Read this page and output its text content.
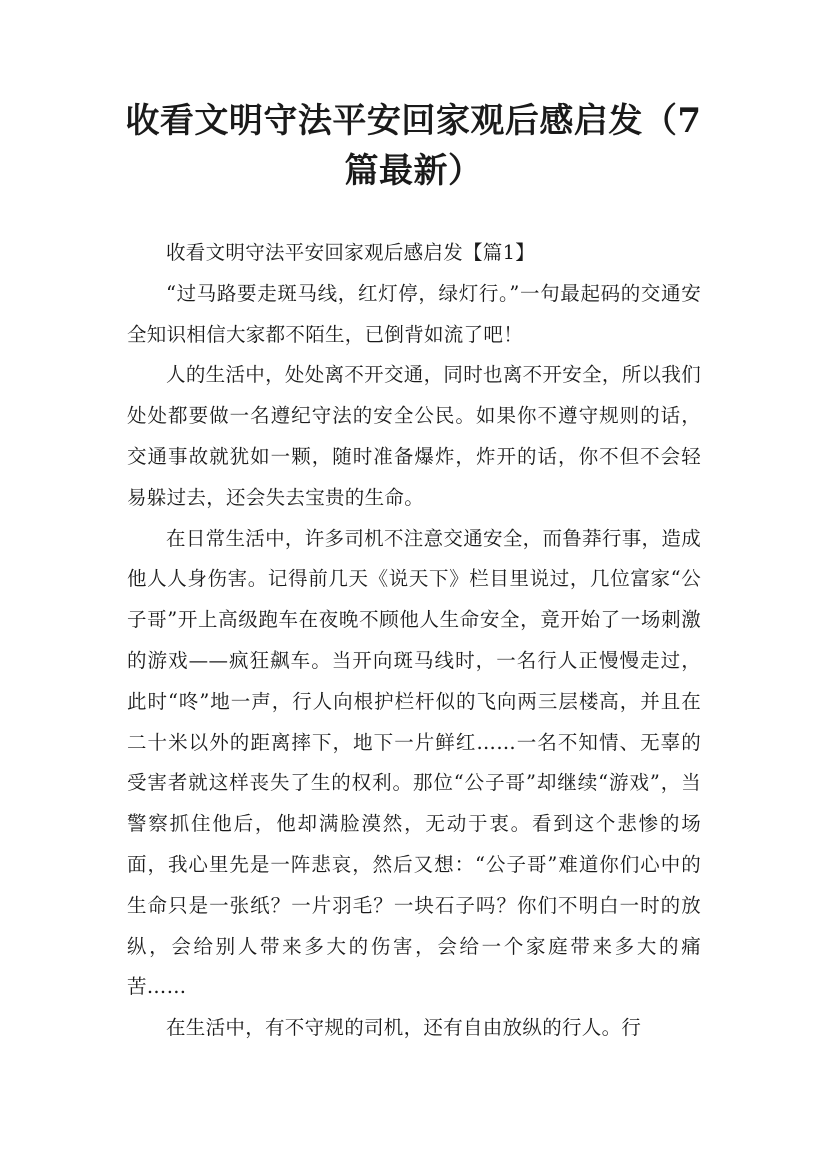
收看文明守法平安回家观后感启发（7篇最新）

收看文明守法平安回家观后感启发【篇1】

“过马路要走斑马线，红灯停，绿灯行。”一句最起码的交通安全知识相信大家都不陌生，已倒背如流了吧！

人的生活中，处处离不开交通，同时也离不开安全，所以我们处处都要做一名遵纪守法的安全公民。如果你不遵守规则的话，交通事故就犹如一颗，随时准备爆炸，炸开的话，你不但不会轻易躲过去，还会失去宝贵的生命。

在日常生活中，许多司机不注意交通安全，而鲁莽行事，造成他人人身伤害。记得前几天《说天下》栏目里说过，几位富家“公子哥”开上高级跑车在夜晚不顾他人生命安全，竟开始了一场刺激的游戏——疯狂飙车。当开向斑马线时，一名行人正慢慢走过，此时“咚”地一声，行人向根护栏杆似的飞向两三层楼高，并且在二十米以外的距离摔下，地下一片鲜红……一名不知情、无辜的受害者就这样丧失了生的权利。那位“公子哥”却继续“游戏”，当警察抓住他后，他却满脸漠然，无动于衷。看到这个悲惨的场面，我心里先是一阵悲哀，然后又想：“公子哥”难道你们心中的生命只是一张纸？一片羽毛？一块石子吗？你们不明白一时的放纵，会给别人带来多大的伤害，会给一个家庭带来多大的痛苦……

在生活中，有不守规的司机，还有自由放纵的行人。行
